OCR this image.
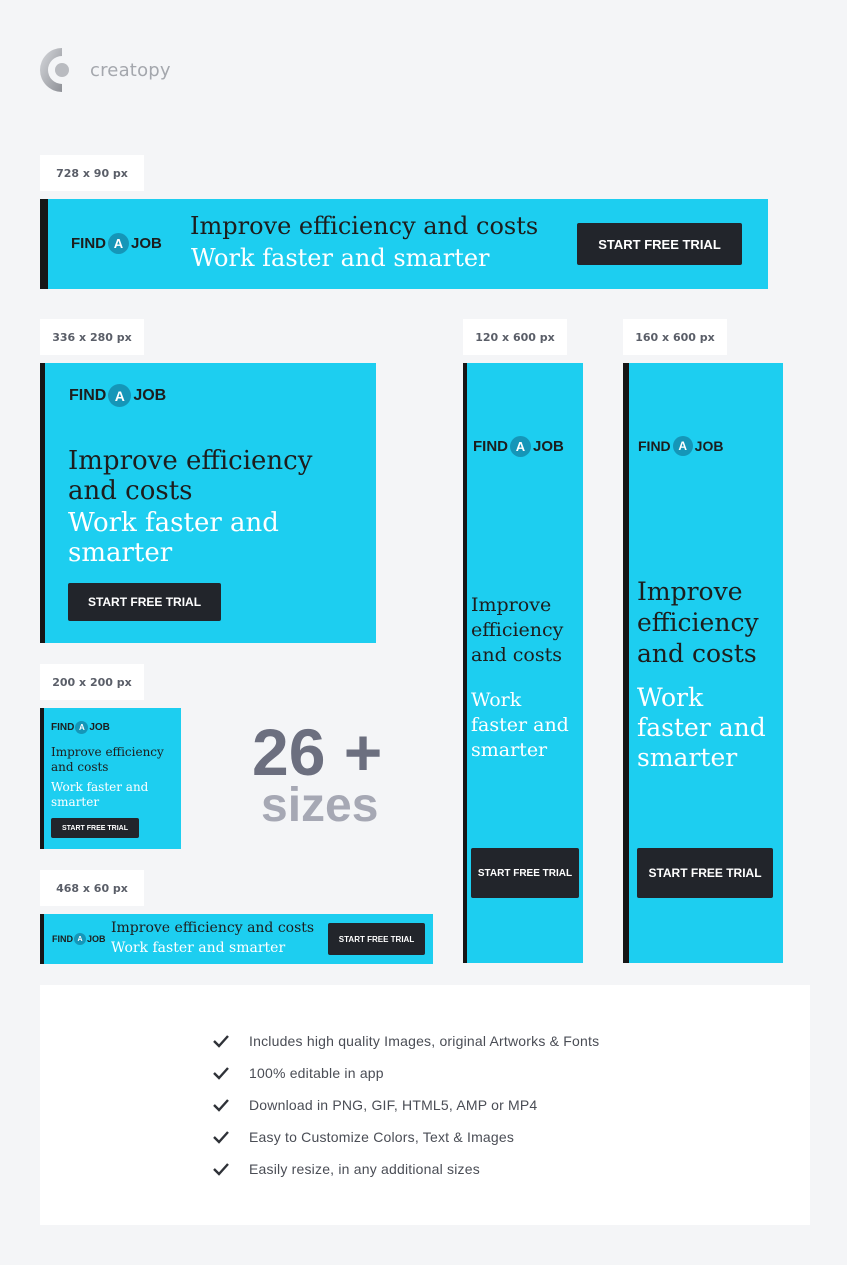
creatopy
728 x 90 px
FIND A JOB
Improve efficiency and costs
Work faster and smarter	START FREE TRIAL
336 x 280 px
FIND A JOB
Improve efficiency and costs
Work faster and smarter
START FREE TRIAL
120 x 600 px
FIND A JOB
Improve efficiency and costs
Work faster and smarter
START FREE TRIAL
160 x 600 px
FIND A JOB
Improve efficiency and costs
Work faster and smarter
START FREE TRIAL
200 x 200 px
FIND A JOB
Improve efficiency and costs
Work faster and smarter
START FREE TRIAL
26 +
sizes
468 x 60 px
FIND A JOB
Improve efficiency and costs
Work faster and smarter
START FREE TRIAL
Includes high quality Images, original Artworks & Fonts
100% editable in app
Download in PNG, GIF, HTML5, AMP or MP4
Easy to Customize Colors, Text & Images
Easily resize, in any additional sizes
